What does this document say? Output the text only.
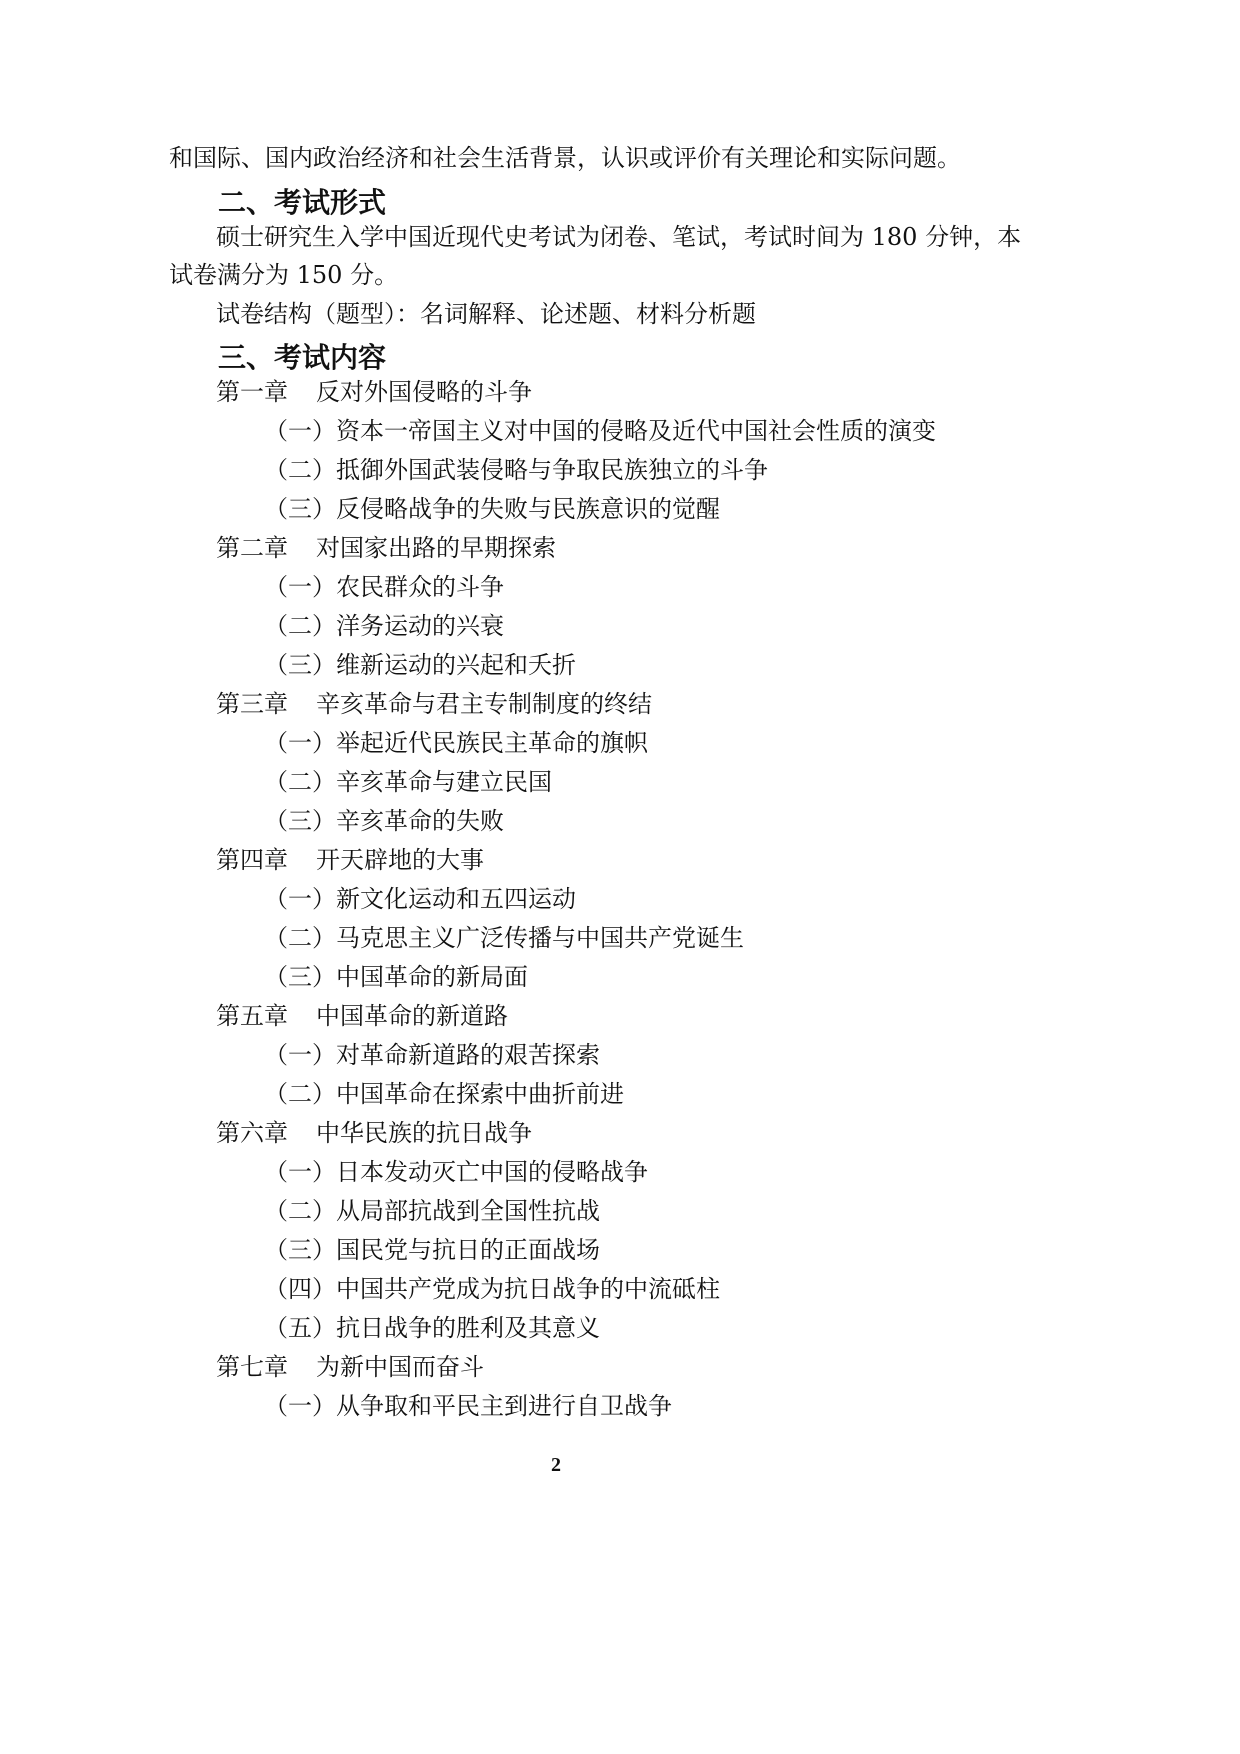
和国际、国内政治经济和社会生活背景，认识或评价有关理论和实际问题。
二、考试形式
硕士研究生入学中国近现代史考试为闭卷、笔试，考试时间为 180 分钟，本
试卷满分为 150 分。
试卷结构（题型）：名词解释、论述题、材料分析题
三、考试内容
第一章 反对外国侵略的斗争
（一）资本一帝国主义对中国的侵略及近代中国社会性质的演变
（二）抵御外国武装侵略与争取民族独立的斗争
（三）反侵略战争的失败与民族意识的觉醒
第二章 对国家出路的早期探索
（一）农民群众的斗争
（二）洋务运动的兴衰
（三）维新运动的兴起和夭折
第三章 辛亥革命与君主专制制度的终结
（一）举起近代民族民主革命的旗帜
（二）辛亥革命与建立民国
（三）辛亥革命的失败
第四章 开天辟地的大事
（一）新文化运动和五四运动
（二）马克思主义广泛传播与中国共产党诞生
（三）中国革命的新局面
第五章 中国革命的新道路
（一）对革命新道路的艰苦探索
（二）中国革命在探索中曲折前进
第六章 中华民族的抗日战争
（一）日本发动灭亡中国的侵略战争
（二）从局部抗战到全国性抗战
（三）国民党与抗日的正面战场
（四）中国共产党成为抗日战争的中流砥柱
（五）抗日战争的胜利及其意义
第七章 为新中国而奋斗
（一）从争取和平民主到进行自卫战争
2
